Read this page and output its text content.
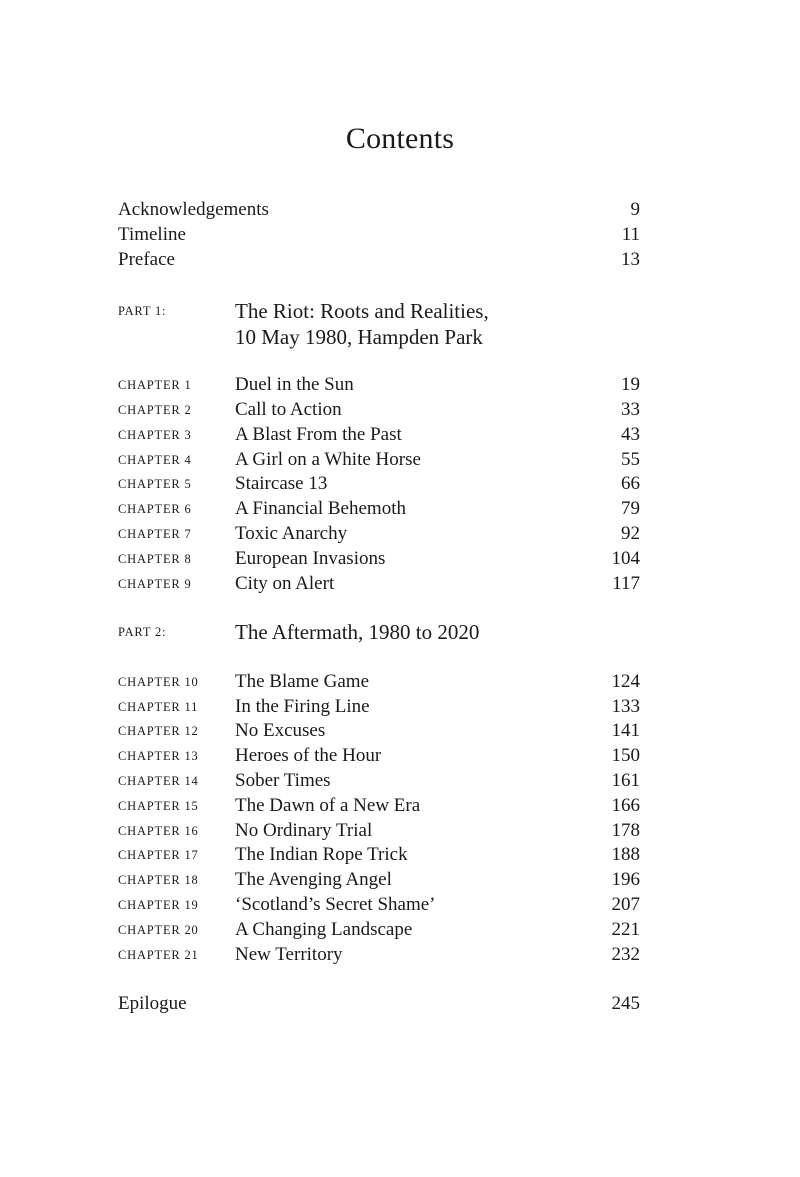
Contents
Acknowledgements	9
Timeline	11
Preface	13
PART 1:	The Riot: Roots and Realities,
10 May 1980, Hampden Park
CHAPTER 1 Duel in the Sun	19
CHAPTER 2 Call to Action	33
CHAPTER 3 A Blast From the Past	43
CHAPTER 4 A Girl on a White Horse	55
CHAPTER 5 Staircase 13	66
CHAPTER 6 A Financial Behemoth	79
CHAPTER 7 Toxic Anarchy	92
CHAPTER 8 European Invasions	104
CHAPTER 9 City on Alert	117
PART 2:	The Aftermath, 1980 to 2020
CHAPTER 10 The Blame Game	124
CHAPTER 11 In the Firing Line	133
CHAPTER 12 No Excuses	141
CHAPTER 13 Heroes of the Hour	150
CHAPTER 14 Sober Times	161
CHAPTER 15 The Dawn of a New Era	166
CHAPTER 16 No Ordinary Trial	178
CHAPTER 17 The Indian Rope Trick	188
CHAPTER 18 The Avenging Angel	196
CHAPTER 19 ‘Scotland’s Secret Shame’	207
CHAPTER 20 A Changing Landscape	221
CHAPTER 21 New Territory	232
Epilogue	245
